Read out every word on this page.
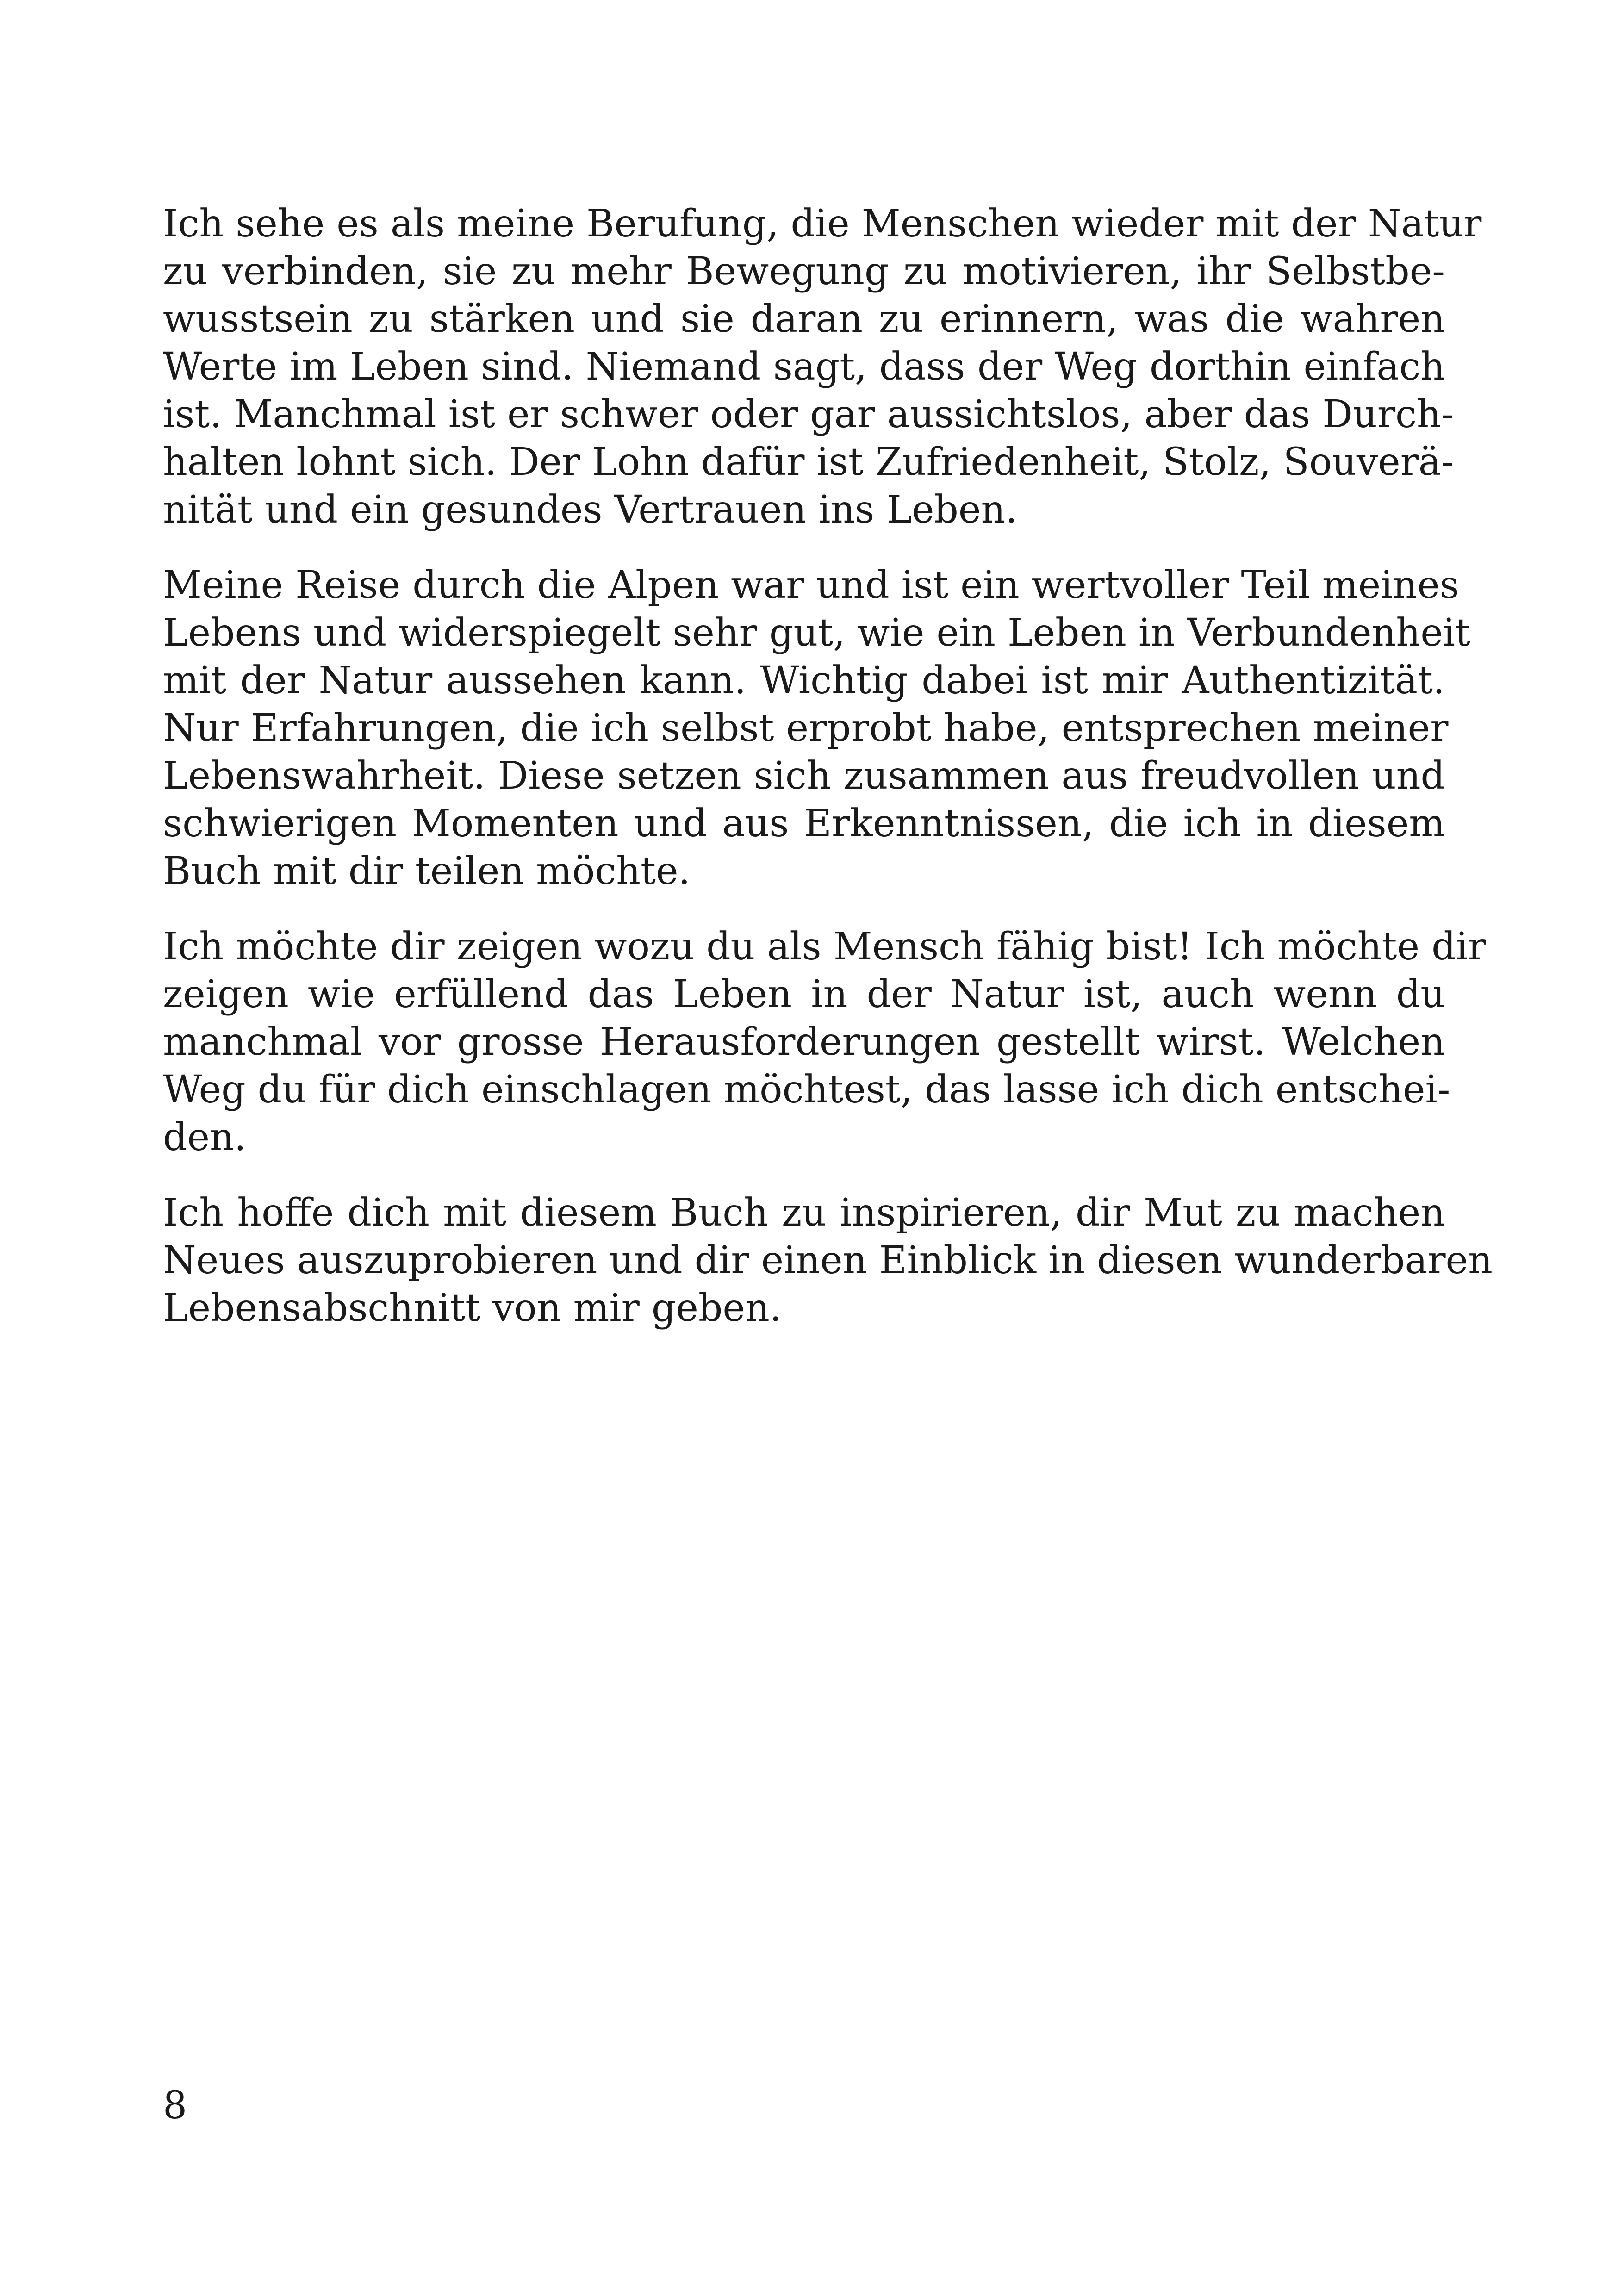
Ich sehe es als meine Berufung, die Menschen wieder mit der Natur
zu verbinden, sie zu mehr Bewegung zu motivieren, ihr Selbstbe-
wusstsein zu stärken und sie daran zu erinnern, was die wahren
Werte im Leben sind. Niemand sagt, dass der Weg dorthin einfach
ist. Manchmal ist er schwer oder gar aussichtslos, aber das Durch-
halten lohnt sich. Der Lohn dafür ist Zufriedenheit, Stolz, Souverä-
nität und ein gesundes Vertrauen ins Leben.
Meine Reise durch die Alpen war und ist ein wertvoller Teil meines
Lebens und widerspiegelt sehr gut, wie ein Leben in Verbundenheit
mit der Natur aussehen kann. Wichtig dabei ist mir Authentizität.
Nur Erfahrungen, die ich selbst erprobt habe, entsprechen meiner
Lebenswahrheit. Diese setzen sich zusammen aus freudvollen und
schwierigen Momenten und aus Erkenntnissen, die ich in diesem
Buch mit dir teilen möchte.
Ich möchte dir zeigen wozu du als Mensch fähig bist! Ich möchte dir
zeigen wie erfüllend das Leben in der Natur ist, auch wenn du
manchmal vor grosse Herausforderungen gestellt wirst. Welchen
Weg du für dich einschlagen möchtest, das lasse ich dich entschei-
den.
Ich hoffe dich mit diesem Buch zu inspirieren, dir Mut zu machen
Neues auszuprobieren und dir einen Einblick in diesen wunderbaren
Lebensabschnitt von mir geben.
8
